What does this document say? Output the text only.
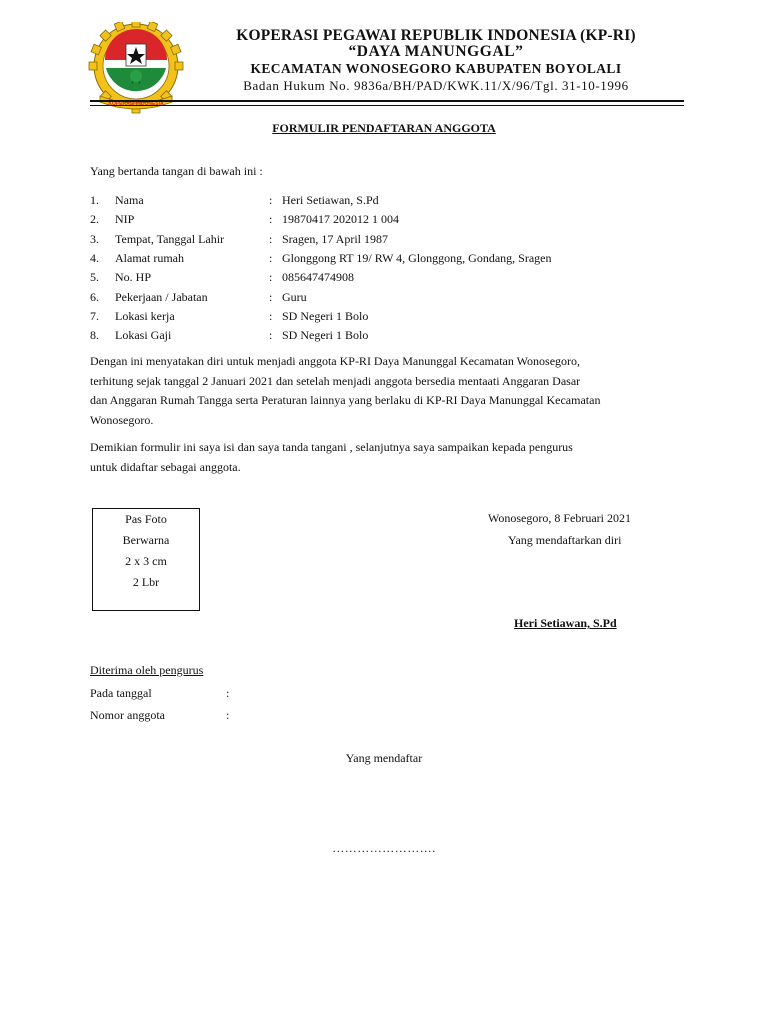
KOPERASI INDONESIA
KOPERASI PEGAWAI REPUBLIK INDONESIA (KP-RI)
“DAYA MANUNGGAL”
KECAMATAN WONOSEGORO KABUPATEN BOYOLALI
Badan Hukum No. 9836a/BH/PAD/KWK.11/X/96/Tgl. 31-10-1996
FORMULIR PENDAFTARAN ANGGOTA
Yang bertanda tangan di bawah ini :
1. Nama	: Heri Setiawan, S.Pd
2. NIP	: 19870417 202012 1 004
3. Tempat, Tanggal Lahir	: Sragen, 17 April 1987
4. Alamat rumah	: Glonggong RT 19/ RW 4, Glonggong, Gondang, Sragen
5. No. HP	: 085647474908
6. Pekerjaan / Jabatan	: Guru
7. Lokasi kerja	: SD Negeri 1 Bolo
8. Lokasi Gaji	: SD Negeri 1 Bolo
Dengan ini menyatakan diri untuk menjadi anggota KP-RI Daya Manunggal Kecamatan Wonosegoro,
terhitung sejak tanggal 2 Januari 2021 dan setelah menjadi anggota bersedia mentaati Anggaran Dasar
dan Anggaran Rumah Tangga serta Peraturan lainnya yang berlaku di KP-RI Daya Manunggal Kecamatan
Wonosegoro.
Demikian formulir ini saya isi dan saya tanda tangani , selanjutnya saya sampaikan kepada pengurus
untuk didaftar sebagai anggota.
Pas Foto
Berwarna
2 x 3 cm
2 Lbr
Wonosegoro, 8 Februari 2021
Yang mendaftarkan diri
Heri Setiawan, S.Pd
Diterima oleh pengurus
Pada tanggal	:
Nomor anggota	:
Yang mendaftar
…………………….
